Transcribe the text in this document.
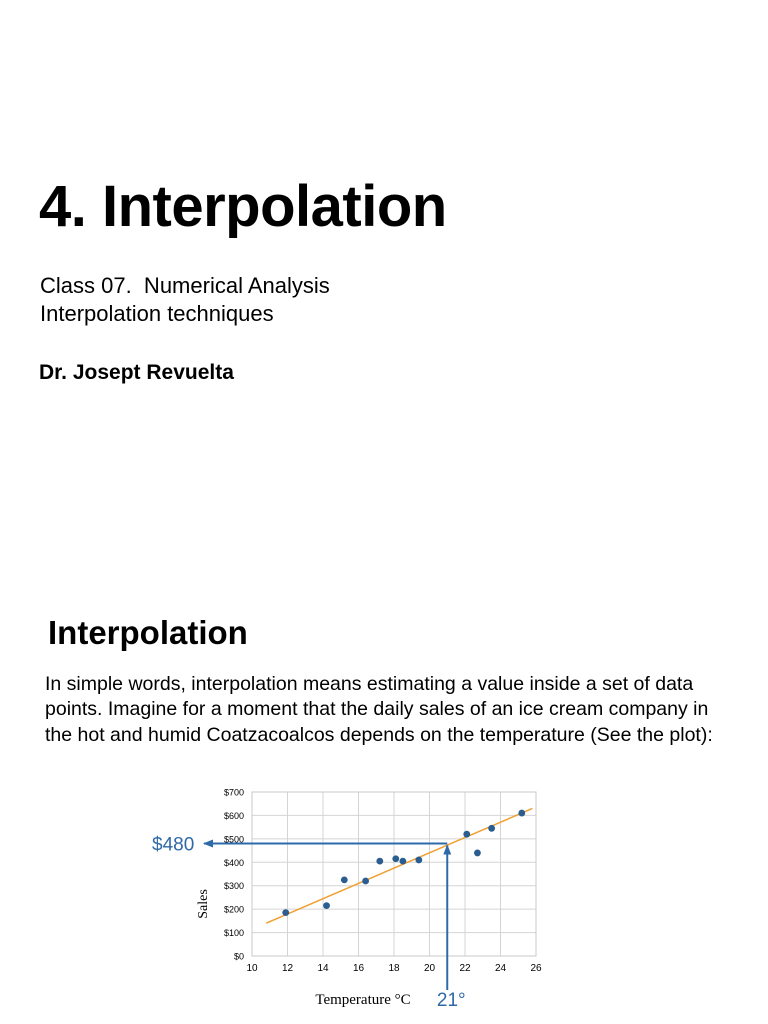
4. Interpolation

Class 07.  Numerical Analysis

Interpolation techniques

Dr. Josept Revuelta

Interpolation

In simple words, interpolation means estimating a value inside a set of data points. Imagine for a moment that the daily sales of an ice cream company in the hot and humid Coatzacoalcos depends on the temperature (See the plot):

10 12 14 16 18 20 22 24 26
$0
$100
$200
$300
$400
$500
$600
$700
Temperature °C
Sales
$480
21°
